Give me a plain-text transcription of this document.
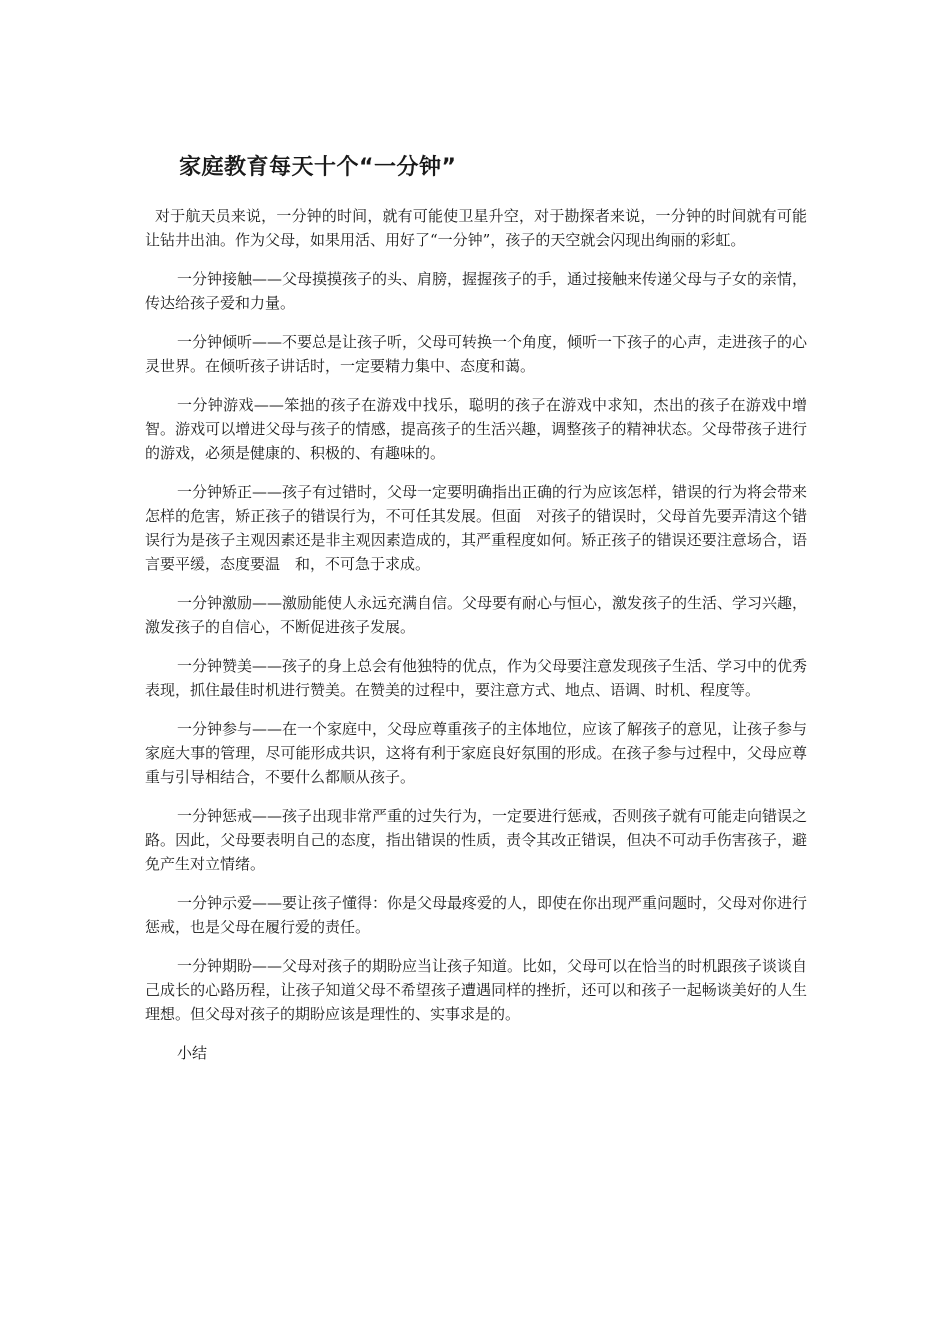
家庭教育每天十个“一分钟”

对于航天员来说，一分钟的时间，就有可能使卫星升空，对于勘探者来说，一分钟的时间就有可能让钻井出油。作为父母，如果用活、用好了“一分钟”，孩子的天空就会闪现出绚丽的彩虹。

一分钟接触——父母摸摸孩子的头、肩膀，握握孩子的手，通过接触来传递父母与子女的亲情，传达给孩子爱和力量。

一分钟倾听——不要总是让孩子听，父母可转换一个角度，倾听一下孩子的心声，走进孩子的心灵世界。在倾听孩子讲话时，一定要精力集中、态度和蔼。

一分钟游戏——笨拙的孩子在游戏中找乐，聪明的孩子在游戏中求知，杰出的孩子在游戏中增智。游戏可以增进父母与孩子的情感，提高孩子的生活兴趣，调整孩子的精神状态。父母带孩子进行的游戏，必须是健康的、积极的、有趣味的。

一分钟矫正——孩子有过错时，父母一定要明确指出正确的行为应该怎样，错误的行为将会带来怎样的危害，矫正孩子的错误行为，不可任其发展。但面　对孩子的错误时，父母首先要弄清这个错误行为是孩子主观因素还是非主观因素造成的，其严重程度如何。矫正孩子的错误还要注意场合，语言要平缓，态度要温　和，不可急于求成。

一分钟激励——激励能使人永远充满自信。父母要有耐心与恒心，激发孩子的生活、学习兴趣，激发孩子的自信心，不断促进孩子发展。

一分钟赞美——孩子的身上总会有他独特的优点，作为父母要注意发现孩子生活、学习中的优秀表现，抓住最佳时机进行赞美。在赞美的过程中，要注意方式、地点、语调、时机、程度等。

一分钟参与——在一个家庭中，父母应尊重孩子的主体地位，应该了解孩子的意见，让孩子参与家庭大事的管理，尽可能形成共识，这将有利于家庭良好氛围的形成。在孩子参与过程中，父母应尊重与引导相结合，不要什么都顺从孩子。

一分钟惩戒——孩子出现非常严重的过失行为，一定要进行惩戒，否则孩子就有可能走向错误之路。因此，父母要表明自己的态度，指出错误的性质，责令其改正错误，但决不可动手伤害孩子，避免产生对立情绪。

一分钟示爱——要让孩子懂得：你是父母最疼爱的人，即使在你出现严重问题时，父母对你进行惩戒，也是父母在履行爱的责任。

一分钟期盼——父母对孩子的期盼应当让孩子知道。比如，父母可以在恰当的时机跟孩子谈谈自己成长的心路历程，让孩子知道父母不希望孩子遭遇同样的挫折，还可以和孩子一起畅谈美好的人生理想。但父母对孩子的期盼应该是理性的、实事求是的。

小结
